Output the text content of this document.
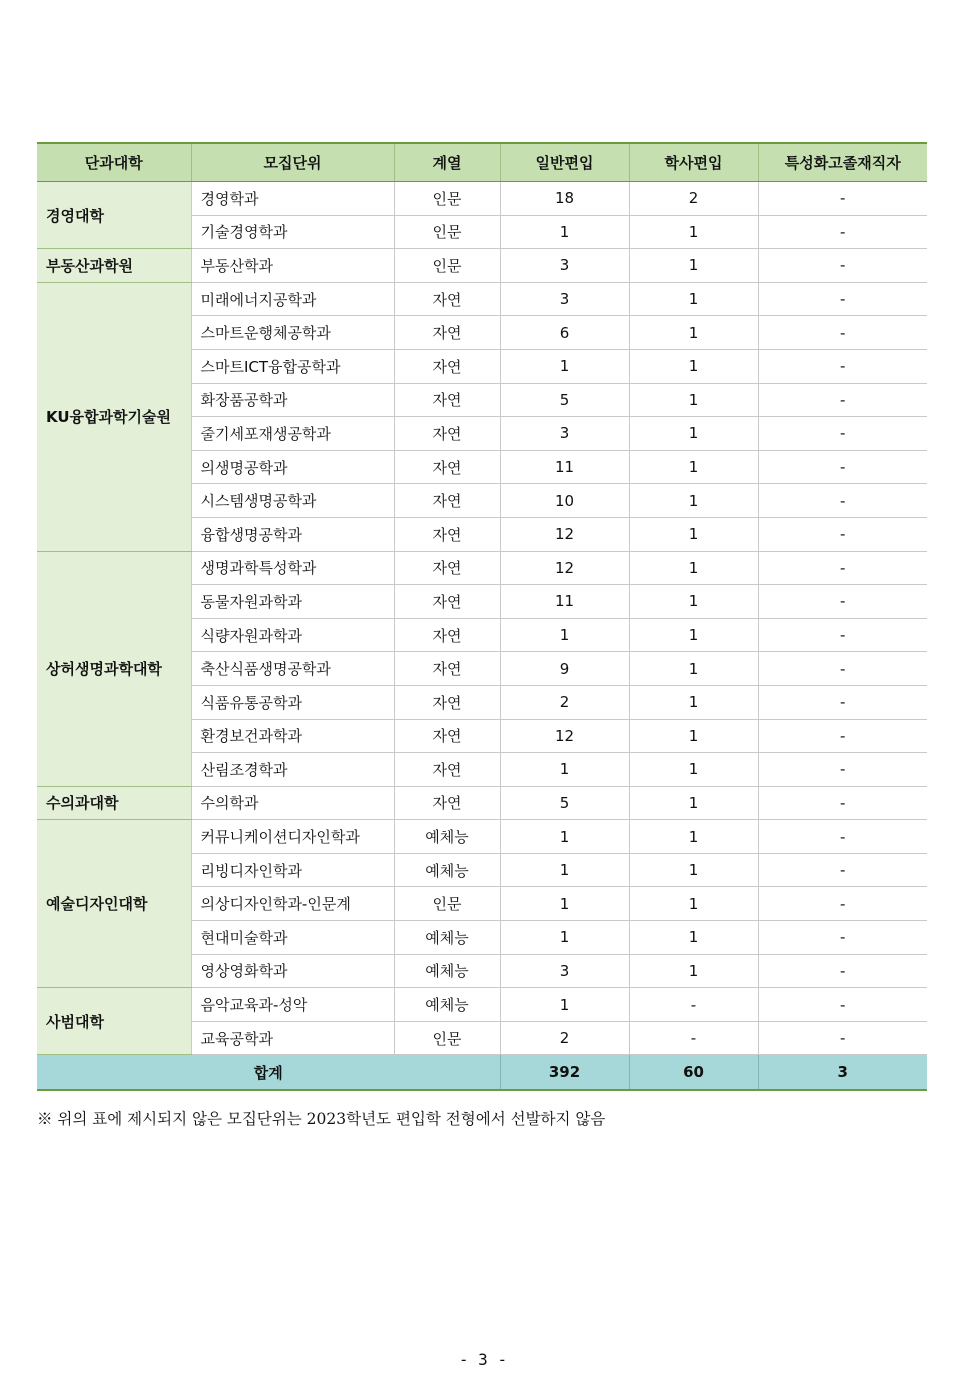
단과대학	모집단위	계열	일반편입	학사편입	특성화고졸재직자
경영대학	경영학과	인문	18	2	-
	기술경영학과	인문	1	1	-
부동산과학원	부동산학과	인문	3	1	-
KU융합과학기술원	미래에너지공학과	자연	3	1	-
	스마트운행체공학과	자연	6	1	-
	스마트ICT융합공학과	자연	1	1	-
	화장품공학과	자연	5	1	-
	줄기세포재생공학과	자연	3	1	-
	의생명공학과	자연	11	1	-
	시스템생명공학과	자연	10	1	-
	융합생명공학과	자연	12	1	-
상허생명과학대학	생명과학특성학과	자연	12	1	-
	동물자원과학과	자연	11	1	-
	식량자원과학과	자연	1	1	-
	축산식품생명공학과	자연	9	1	-
	식품유통공학과	자연	2	1	-
	환경보건과학과	자연	12	1	-
	산림조경학과	자연	1	1	-
수의과대학	수의학과	자연	5	1	-
예술디자인대학	커뮤니케이션디자인학과	예체능	1	1	-
	리빙디자인학과	예체능	1	1	-
	의상디자인학과-인문계	인문	1	1	-
	현대미술학과	예체능	1	1	-
	영상영화학과	예체능	3	1	-
사범대학	음악교육과-성악	예체능	1	-	-
	교육공학과	인문	2	-	-
합계			392	60	3
※ 위의 표에 제시되지 않은 모집단위는 2023학년도 편입학 전형에서 선발하지 않음
- 3 -
